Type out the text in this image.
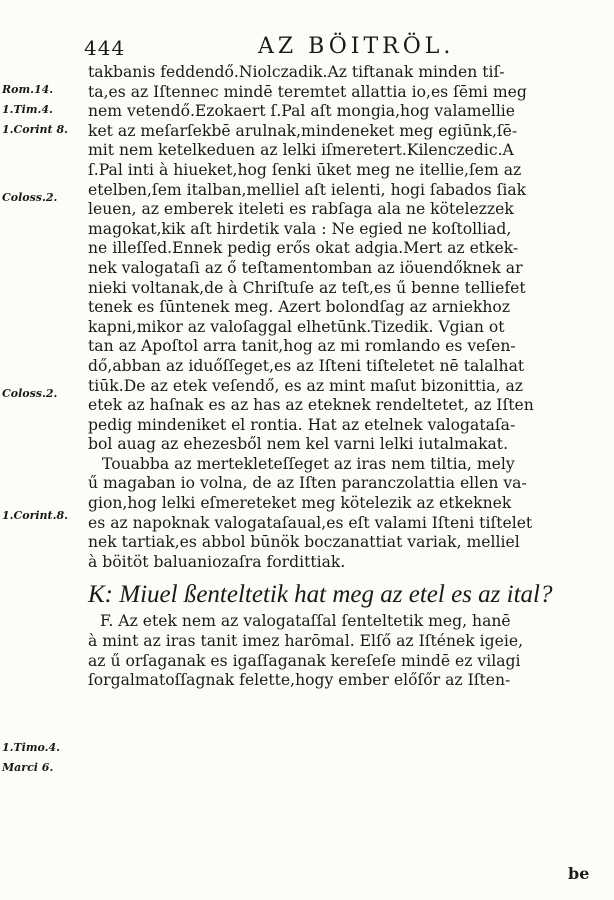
444	AZ BÖITRÖL.
Rom.14.
1.Tim.4.
1.Corint 8.
Coloss.2.
Coloss.2.
1.Corint.8.
1.Timo.4.
Marci 6.
takbanis feddendő.Niolczadik.Az tiftanak minden tiſ-
ta,es az Iſtennec mindē teremtet allattia io,es ſēmi meg
nem vetendő.Ezokaert ſ.Pal aſt mongia,hog valamellie
ket az meſarſekbē arulnak,mindeneket meg egiūnk,ſē-
mit nem ketelkeduen az lelki iſmeretert.Kilenczedic.A
ſ.Pal inti à hiueket,hog ſenki ūket meg ne itellie,ſem az
etelben,ſem italban,melliel aſt ielenti, hogi ſabados ſiak
leuen, az emberek iteleti es rabſaga ala ne kötelezzek
magokat,kik aſt hirdetik vala : Ne egied ne koſtolliad,
ne illeſſed.Ennek pedig erős okat adgia.Mert az etkek-
nek valogataſi az ő teſtamentomban az iöuendőknek ar
nieki voltanak,de à Chriſtuſe az teſt,es ű benne telliefet
tenek es ſūntenek meg. Azert bolondſag az arniekhoz
kapni,mikor az valoſaggal elhetūnk.Tizedik. Vgian ot
tan az Apoſtol arra tanit,hog az mi romlando es veſen-
dő,abban az iduőſſeget,es az Iſteni tiſteletet nē talalhat
tiūk.De az etek veſendő, es az mint maſut bizonittia, az
etek az haſnak es az has az eteknek rendeltetet, az Iſten
pedig mindeniket el rontia. Hat az etelnek valogataſa-
bol auag az ehezesből nem kel varni lelki iutalmakat.
Touabba az mertekleteſſeget az iras nem tiltia, mely
ű magaban io volna, de az Iſten paranczolattia ellen va-
gion,hog lelki eſmereteket meg kötelezik az etkeknek
es az napoknak valogataſaual,es eſt valami Iſteni tiſtelet
nek tartiak,es abbol būnök boczanattiat variak, melliel
à böitöt baluaniozaſra fordittiak.
K: Miuel ßenteltetik hat meg az etel es az ital?
F. Az etek nem az valogataſſal ſenteltetik meg, hanē
à mint az iras tanit imez harōmal. Elſő az Iſtének igeie,
az ű orſaganak es igaſſaganak kereſeſe mindē ez vilagi
ſorgalmatoſſagnak felette,hogy ember előſőr az Iſten-
be
